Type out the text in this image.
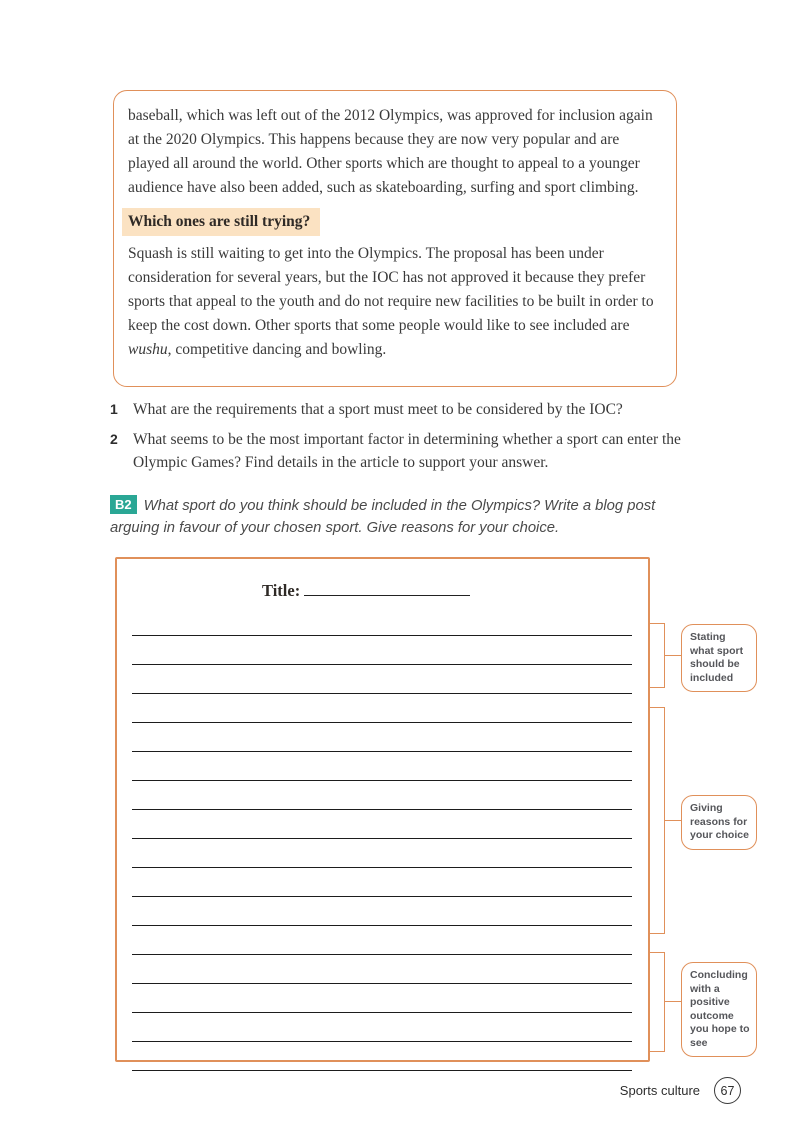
baseball, which was left out of the 2012 Olympics, was approved for inclusion again at the 2020 Olympics. This happens because they are now very popular and are played all around the world. Other sports which are thought to appeal to a younger audience have also been added, such as skateboarding, surfing and sport climbing.

Which ones are still trying?

Squash is still waiting to get into the Olympics. The proposal has been under consideration for several years, but the IOC has not approved it because they prefer sports that appeal to the youth and do not require new facilities to be built in order to keep the cost down. Other sports that some people would like to see included are wushu, competitive dancing and bowling.

1 What are the requirements that a sport must meet to be considered by the IOC?
2 What seems to be the most important factor in determining whether a sport can enter the Olympic Games? Find details in the article to support your answer.
B2 What sport do you think should be included in the Olympics? Write a blog post arguing in favour of your chosen sport. Give reasons for your choice.
Title:
Stating what sport should be included
Giving reasons for your choice
Concluding with a positive outcome you hope to see
Sports culture	67
